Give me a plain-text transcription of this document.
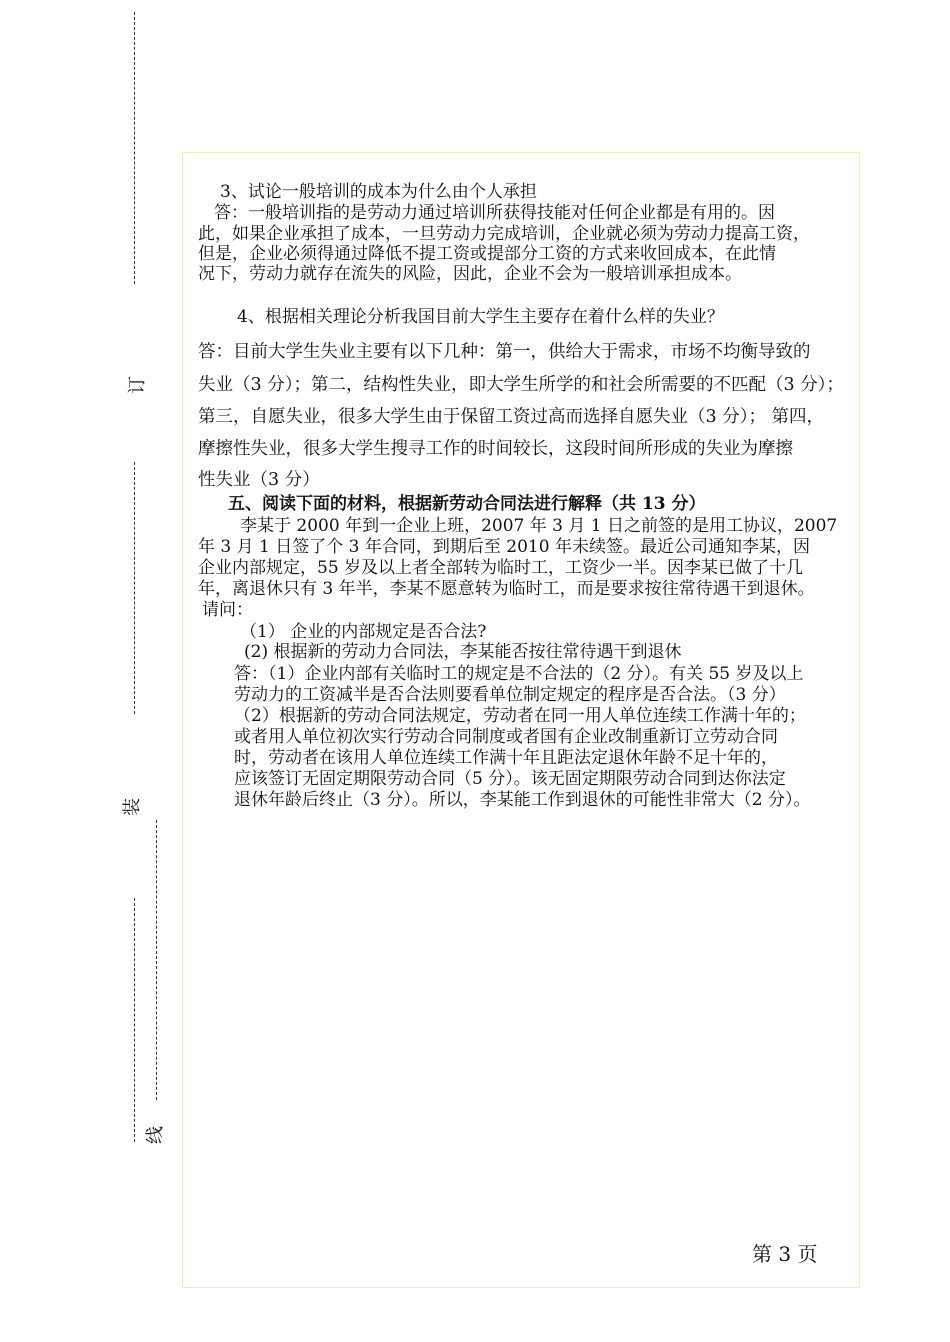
订
装
线
3、试论一般培训的成本为什么由个人承担
答：一般培训指的是劳动力通过培训所获得技能对任何企业都是有用的。因
此，如果企业承担了成本，一旦劳动力完成培训，企业就必须为劳动力提高工资，
但是，企业必须得通过降低不提工资或提部分工资的方式来收回成本，在此情
况下，劳动力就存在流失的风险，因此，企业不会为一般培训承担成本。
4、根据相关理论分析我国目前大学生主要存在着什么样的失业？
答：目前大学生失业主要有以下几种：第一，供给大于需求，市场不均衡导致的
失业（3 分）；第二，结构性失业，即大学生所学的和社会所需要的不匹配（3 分）；
第三，自愿失业，很多大学生由于保留工资过高而选择自愿失业（3 分）； 第四，
摩擦性失业，很多大学生搜寻工作的时间较长，这段时间所形成的失业为摩擦
性失业（3 分）
五、阅读下面的材料，根据新劳动合同法进行解释（共 13 分）
李某于 2000 年到一企业上班，2007 年 3 月 1 日之前签的是用工协议，2007
年 3 月 1 日签了个 3 年合同，到期后至 2010 年未续签。最近公司通知李某，因
企业内部规定，55 岁及以上者全部转为临时工，工资少一半。因李某已做了十几
年，离退休只有 3 年半，李某不愿意转为临时工，而是要求按往常待遇干到退休。
请问：
（1） 企业的内部规定是否合法?
(2) 根据新的劳动力合同法，李某能否按往常待遇干到退休
答：（1）企业内部有关临时工的规定是不合法的（2 分）。有关 55 岁及以上
劳动力的工资减半是否合法则要看单位制定规定的程序是否合法。（3 分）
（2）根据新的劳动合同法规定，劳动者在同一用人单位连续工作满十年的；
或者用人单位初次实行劳动合同制度或者国有企业改制重新订立劳动合同
时，劳动者在该用人单位连续工作满十年且距法定退休年龄不足十年的，
应该签订无固定期限劳动合同（5 分）。该无固定期限劳动合同到达你法定
退休年龄后终止（3 分）。所以，李某能工作到退休的可能性非常大（2 分）。
第 3 页
